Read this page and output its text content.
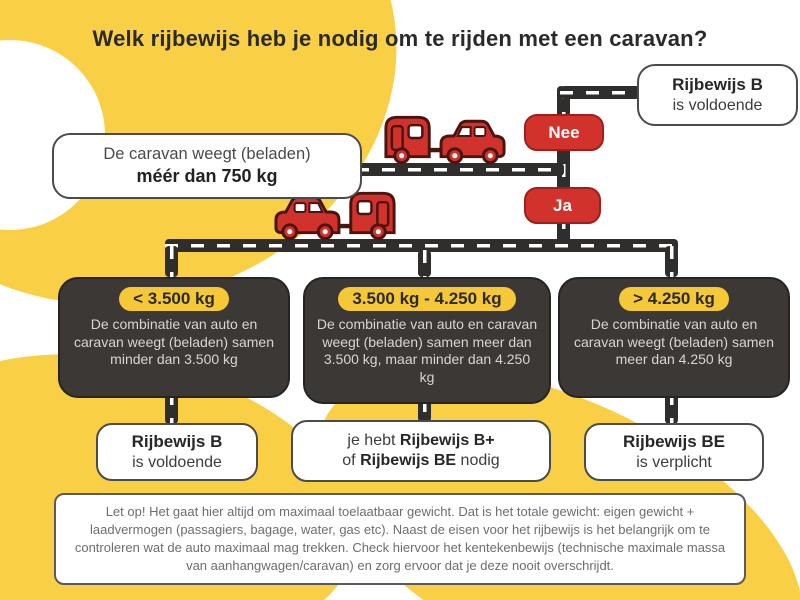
Welk rijbewijs heb je nodig om te rijden met een caravan?
De caravan weegt (beladen)
méér dan 750 kg
Nee
Ja
Rijbewijs B
is voldoende
< 3.500 kg
De combinatie van auto en caravan weegt (beladen) samen minder dan 3.500 kg
3.500 kg - 4.250 kg
De combinatie van auto en caravan weegt (beladen) samen meer dan 3.500 kg, maar minder dan 4.250 kg
> 4.250 kg
De combinatie van auto en caravan weegt (beladen) samen meer dan 4.250 kg
Rijbewijs B
is voldoende
je hebt Rijbewijs B+
of Rijbewijs BE nodig
Rijbewijs BE
is verplicht
Let op! Het gaat hier altijd om maximaal toelaatbaar gewicht. Dat is het totale gewicht: eigen gewicht + laadvermogen (passagiers, bagage, water, gas etc). Naast de eisen voor het rijbewijs is het belangrijk om te controleren wat de auto maximaal mag trekken. Check hiervoor het kentekenbewijs (technische maximale massa van aanhangwagen/caravan) en zorg ervoor dat je deze nooit overschrijdt.
